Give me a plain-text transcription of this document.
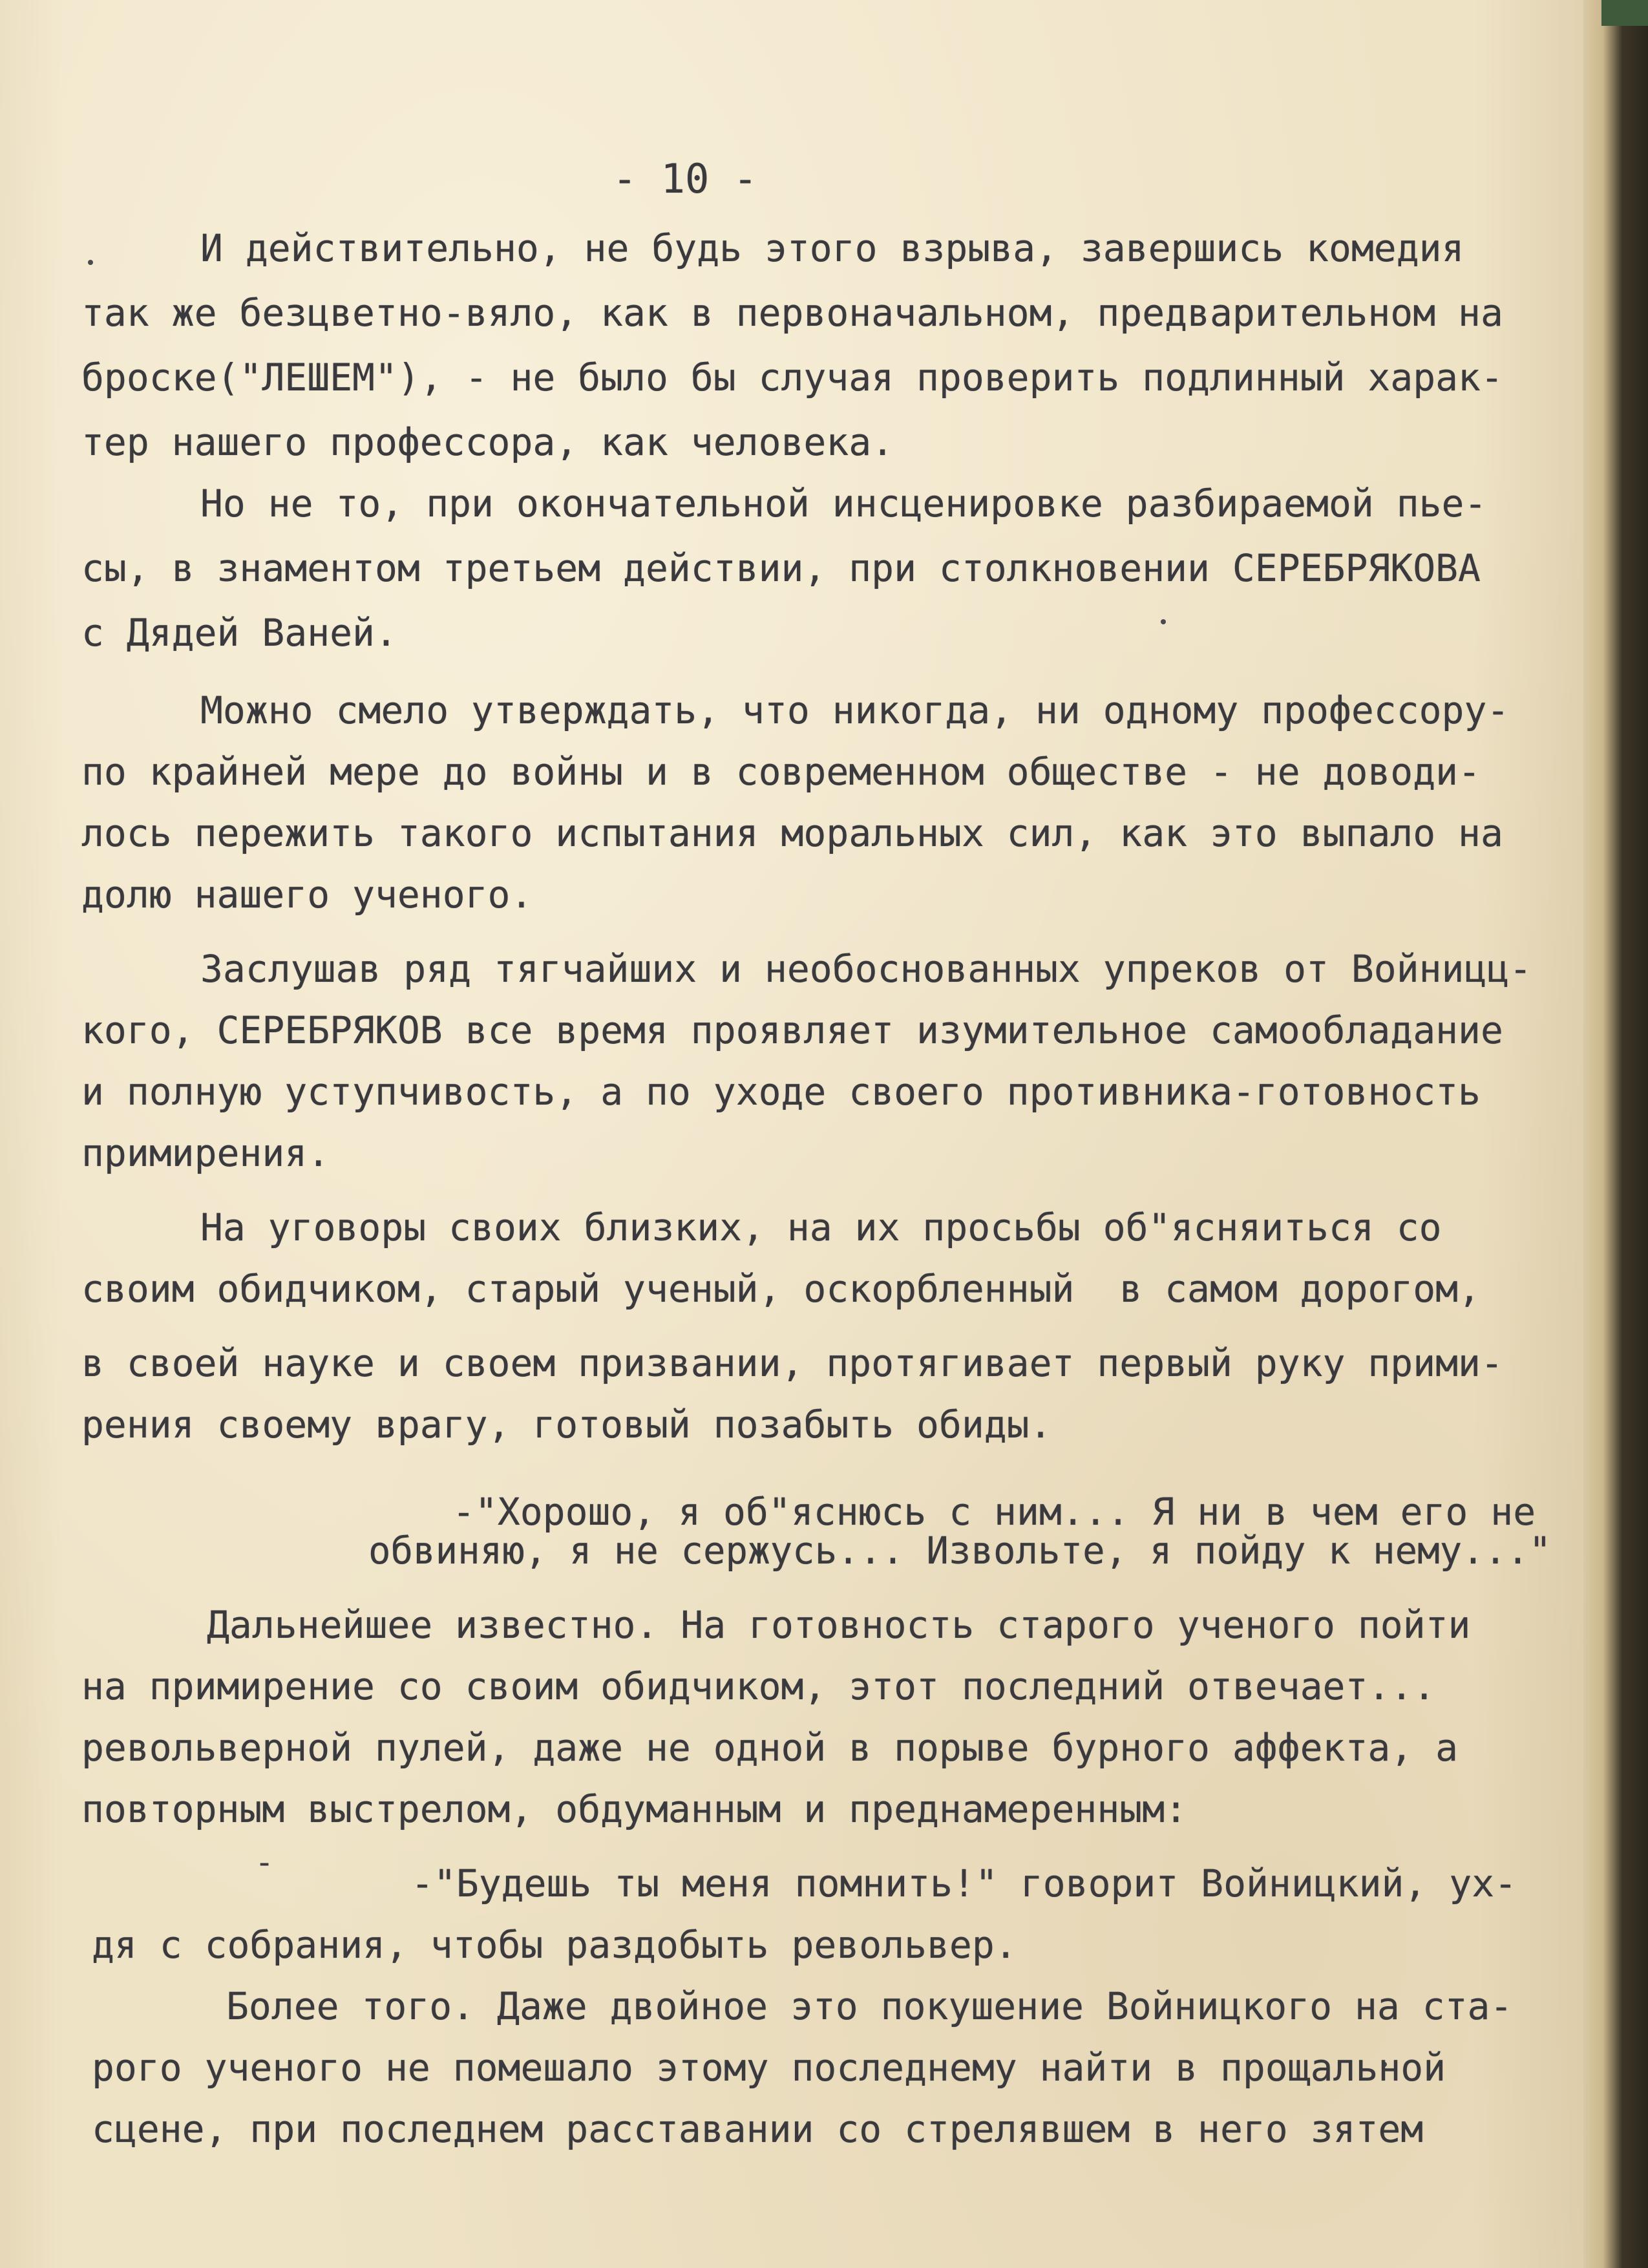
- 10 -
-
И действительно, не будь этого взрыва, завершись комедия
так же безцветно-вяло, как в первоначальном, предварительном на
броске("ЛЕШЕМ"), - не было бы случая проверить подлинный харак-
тер нашего профессора, как человека.
Но не то, при окончательной инсценировке разбираемой пье-
сы, в знаментом третьем действии, при столкновении СЕРЕБРЯКОВА
с Дядей Ваней.
Можно смело утверждать, что никогда, ни одному профессору-
по крайней мере до войны и в современном обществе - не доводи-
лось пережить такого испытания моральных сил, как это выпало на
долю нашего ученого.
Заслушав ряд тягчайших и необоснованных упреков от Войницц-
кого, СЕРЕБРЯКОВ все время проявляет изумительное самообладание
и полную уступчивость, а по уходе своего противника-готовность
примирения.
На уговоры своих близких, на их просьбы об"ясняиться со
своим обидчиком, старый ученый, оскорбленный  в самом дорогом,
в своей науке и своем призвании, протягивает первый руку прими-
рения своему врагу, готовый позабыть обиды.
-"Хорошо, я об"яснюсь с ним... Я ни в чем его не
обвиняю, я не сержусь... Извольте, я пойду к нему..."
Дальнейшее известно. На готовность старого ученого пойти
на примирение со своим обидчиком, этот последний отвечает...
револьверной пулей, даже не одной в порыве бурного аффекта, а
повторным выстрелом, обдуманным и преднамеренным:
-"Будешь ты меня помнить!" говорит Войницкий, ух-
дя с собрания, чтобы раздобыть револьвер.
Более того. Даже двойное это покушение Войницкого на ста-
рого ученого не помешало этому последнему найти в прощальной
сцене, при последнем расставании со стрелявшем в него зятем
